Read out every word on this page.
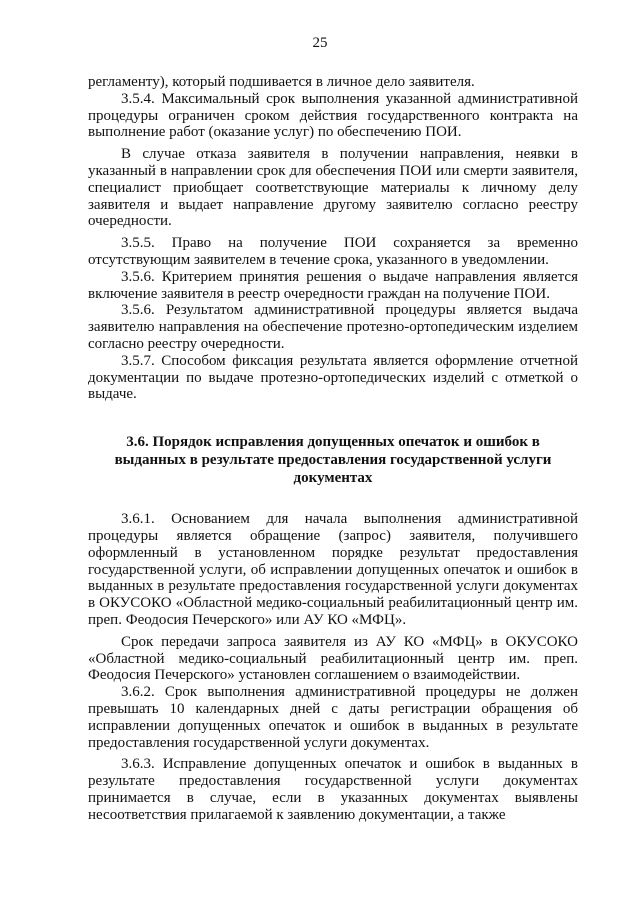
25

регламенту), который подшивается в личное дело заявителя.

3.5.4. Максимальный срок выполнения указанной административной процедуры ограничен сроком действия государственного контракта на выполнение работ (оказание услуг) по обеспечению ПОИ.

В случае отказа заявителя в получении направления, неявки в указанный в направлении срок для обеспечения ПОИ или смерти заявителя, специалист приобщает соответствующие материалы к личному делу заявителя и выдает направление другому заявителю согласно реестру очередности.

3.5.5. Право на получение ПОИ сохраняется за временно отсутствующим заявителем в течение срока, указанного в уведомлении.

3.5.6. Критерием принятия решения о выдаче направления является включение заявителя в реестр очередности граждан на получение ПОИ.

3.5.6. Результатом административной процедуры является выдача заявителю направления на обеспечение протезно-ортопедическим изделием согласно реестру очередности.

3.5.7. Способом фиксация результата является оформление отчетной документации по выдаче протезно-ортопедических изделий с отметкой о выдаче.

3.6. Порядок исправления допущенных опечаток и ошибок в выданных в результате предоставления государственной услуги документах

3.6.1. Основанием для начала выполнения административной процедуры является обращение (запрос) заявителя, получившего оформленный в установленном порядке результат предоставления государственной услуги, об исправлении допущенных опечаток и ошибок в выданных в результате предоставления государственной услуги документах в ОКУСОКО «Областной медико-социальный реабилитационный центр им. преп. Феодосия Печерского» или АУ КО «МФЦ».

Срок передачи запроса заявителя из АУ КО «МФЦ» в ОКУСОКО «Областной медико-социальный реабилитационный центр им. преп. Феодосия Печерского» установлен соглашением о взаимодействии.

3.6.2. Срок выполнения административной процедуры не должен превышать 10 календарных дней с даты регистрации обращения об исправлении допущенных опечаток и ошибок в выданных в результате предоставления государственной услуги документах.

3.6.3. Исправление допущенных опечаток и ошибок в выданных в результате предоставления государственной услуги документах принимается в случае, если в указанных документах выявлены несоответствия прилагаемой к заявлению документации, а также
